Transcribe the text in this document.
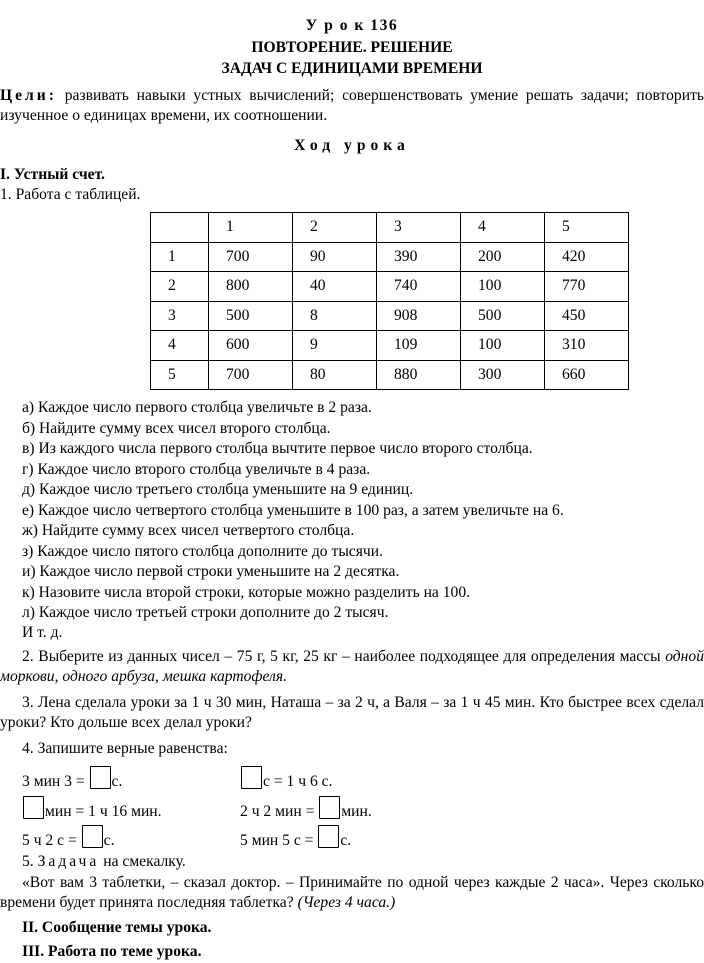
У р о к 136
ПОВТОРЕНИЕ. РЕШЕНИЕ
ЗАДАЧ С ЕДИНИЦАМИ ВРЕМЕНИ
Цели: развивать навыки устных вычислений; совершенствовать умение решать задачи; повторить изученное о единицах времени, их соотношении.
Ход урока
I. Устный счет.
1. Работа с таблицей.
	1	2	3	4	5
1	700	90	390	200	420
2	800	40	740	100	770
3	500	8	908	500	450
4	600	9	109	100	310
5	700	80	880	300	660
а) Каждое число первого столбца увеличьте в 2 раза.
б) Найдите сумму всех чисел второго столбца.
в) Из каждого числа первого столбца вычтите первое число второго столбца.
г) Каждое число второго столбца увеличьте в 4 раза.
д) Каждое число третьего столбца уменьшите на 9 единиц.
е) Каждое число четвертого столбца уменьшите в 100 раз, а затем увеличьте на 6.
ж) Найдите сумму всех чисел четвертого столбца.
з) Каждое число пятого столбца дополните до тысячи.
и) Каждое число первой строки уменьшите на 2 десятка.
к) Назовите числа второй строки, которые можно разделить на 100.
л) Каждое число третьей строки дополните до 2 тысяч.
И т. д.
2. Выберите из данных чисел – 75 г, 5 кг, 25 кг – наиболее подходящее для определения массы одной моркови, одного арбуза, мешка картофеля.
3. Лена сделала уроки за 1 ч 30 мин, Наташа – за 2 ч, а Валя – за 1 ч 45 мин. Кто быстрее всех сделал уроки? Кто дольше всех делал уроки?
4. Запишите верные равенства:
3 мин 3 = с.	с = 1 ч 6 с.
мин = 1 ч 16 мин.	2 ч 2 мин = мин.
5 ч 2 с = с.	5 мин 5 с = с.
5. Задача на смекалку.
«Вот вам 3 таблетки, – сказал доктор. – Принимайте по одной через каждые 2 часа». Через сколько времени будет принята последняя таблетка? (Через 4 часа.)
II. Сообщение темы урока.
III. Работа по теме урока.
